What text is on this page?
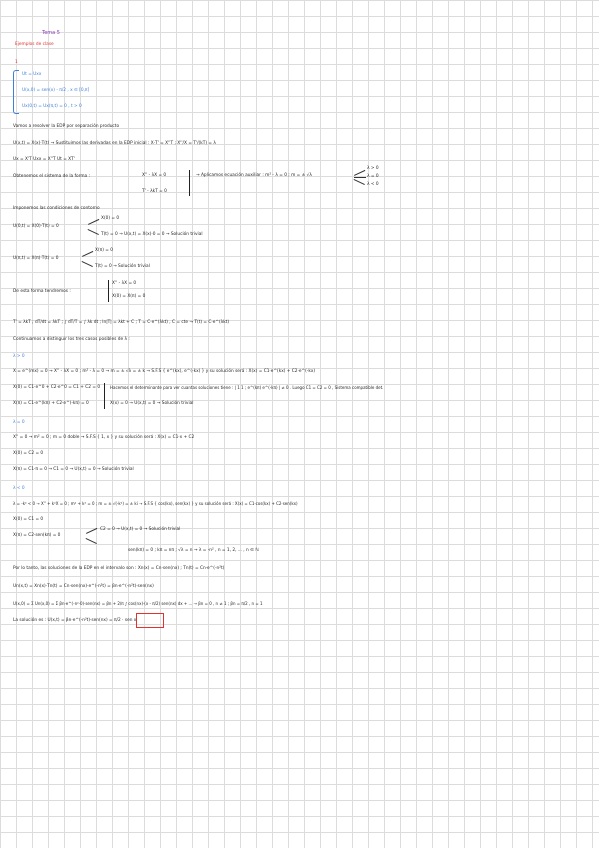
Tema 5
Ejemplos de clase
1
Ut = Uxx
U(x,0) = sen(x) - π/2 , x ∈ [0,π]
Ux(0,t) = Ux(π,t) = 0 , t > 0
Vamos a resolver la EDP por separación producto
U(x,t) = X(x)·T(t) → Sustituimos las derivadas en la EDP inicial : X·T' = X''T ; X''/X = T'/(kT) = λ
Ux = X'T Uxx = X''T Ut = XT'
Obtenemos el sistema de la forma :	X'' - λX = 0
T' - λkT = 0
→ Aplicamos ecuación auxiliar : m² - λ = 0 ; m = ± √λ
λ > 0
λ = 0
λ < 0
Imponemos las condiciones de contorno
U(0,t) = X(0)·T(t) = 0
X(0) = 0
T(t) = 0 → U(x,t) = X(x)·0 = 0 → Solución trivial
U(π,t) = X(π)·T(t) = 0
X(π) = 0
T(t) = 0 → Solución trivial
De esta forma tendremos :
X'' - λX = 0
X(0) = X(π) = 0
T' = λkT ; dT/dt = λkT ; ∫ dT/T = ∫ λk dt ; ln|T| = λkt + C ; T = C·e^(λkt) , C = cte → T(t) = C·e^(λkt)
Continuamos a distinguir los tres casos posibles de λ :
λ > 0
X = e^(mx) = 0 → X'' - λX = 0 ; m² - λ = 0 → m = ± √λ = ± k → S.F.S { e^(kx), e^(-kx) } y su solución será : X(x) = C1·e^(kx) + C2·e^(-kx)
X(0) = C1·e^0 + C2·e^0 = C1 + C2 = 0
X(π) = C1·e^(kπ) + C2·e^(-kπ) = 0
Hacemos el determinante para ver cuantas soluciones tiene : | 1 1 ; e^(kπ) e^(-kπ) | ≠ 0 . Luego C1 = C2 = 0 , Sistema compatible det.
X(x) = 0 → U(x,t) = 0 → Solución trivial
λ = 0
X'' = 0 → m² = 0 ; m = 0 doble → S.F.S { 1, x } y su solución será : X(x) = C1·x + C2
X(0) = C2 = 0
X(π) = C1·π = 0 → C1 = 0 → U(x,t) = 0 → Solución trivial
λ < 0
λ = -k² < 0 → X'' + k²X = 0 ; m² + k² = 0 ; m = ± √(-k²) = ± ki → S.F.S { cos(kx), sen(kx) } y su solución será : X(x) = C1·cos(kx) + C2·sen(kx)
X(0) = C1 = 0
X(π) = C2·sen(kπ) = 0
C2 = 0 → U(x,t) = 0 → Solución trivial
sen(kπ) = 0 ; kπ = nπ ; √λ = n → λ = -n² , n = 1, 2, ... , n ∈ ℕ
Por lo tanto, las soluciones de la EDP en el intervalo son : Xn(x) = Cn·sen(nx) ; Tn(t) = Cn·e^(-n²t)
Un(x,t) = Xn(x)·Tn(t) = Cn·sen(nx)·e^(-n²t) = βn·e^(-n²t)·sen(nx)
U(x,0) = Σ Un(x,0) = Σ βn·e^(-n²·0)·sen(nx) = βn + 2/π ∫ cos(nx)·(x - π/2) sen(nx) dx + ... → βn = 0 , n ≠ 1 ; βn = π/2 , n = 1
La solución es : U(x,t) = βn·e^(-n²t)·sen(nx) = π/2 · sen x
